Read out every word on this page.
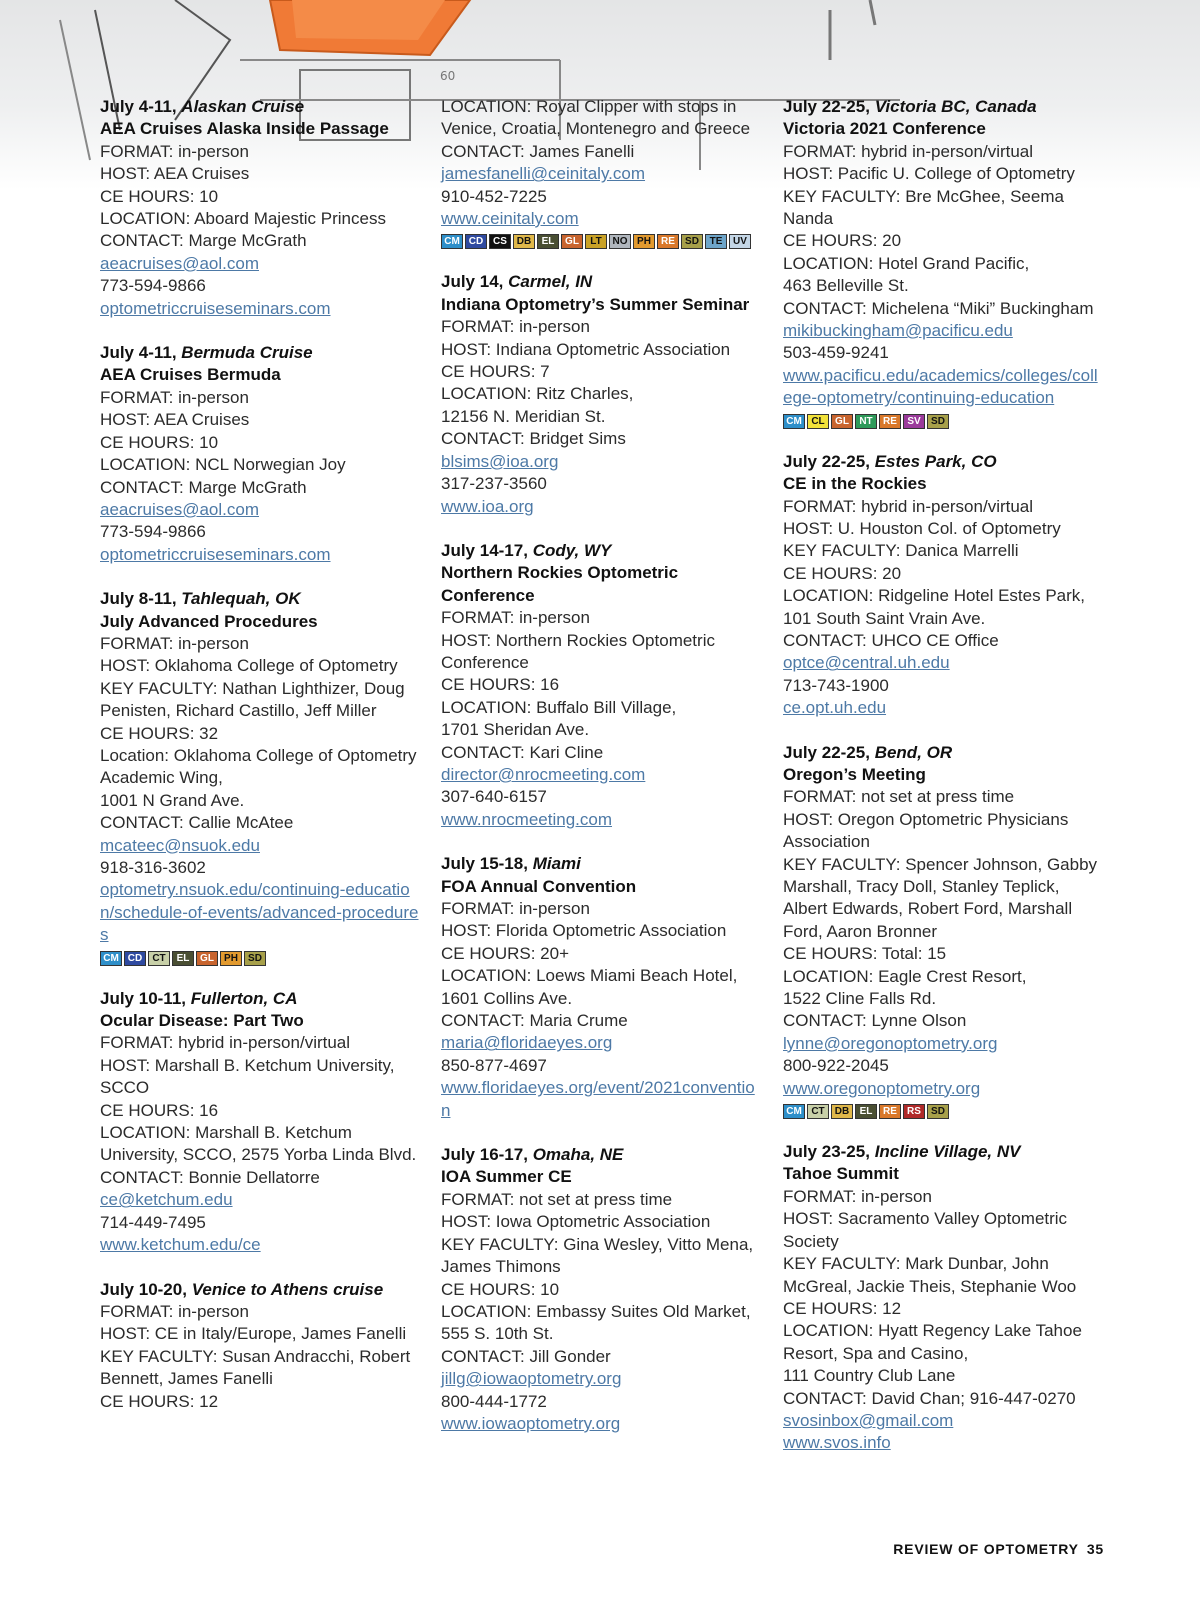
60
July 4-11, Alaskan Cruise
AEA Cruises Alaska Inside Passage
FORMAT: in-person
HOST: AEA Cruises
CE HOURS: 10
LOCATION: Aboard Majestic Princess
CONTACT: Marge McGrath
aeacruises@aol.com
773-594-9866
optometriccruiseseminars.com
July 4-11, Bermuda Cruise
AEA Cruises Bermuda
FORMAT: in-person
HOST: AEA Cruises
CE HOURS: 10
LOCATION: NCL Norwegian Joy
CONTACT: Marge McGrath
aeacruises@aol.com
773-594-9866
optometriccruiseseminars.com
July 8-11, Tahlequah, OK
July Advanced Procedures
FORMAT: in-person
HOST: Oklahoma College of Optometry
KEY FACULTY: Nathan Lighthizer, Doug Penisten, Richard Castillo, Jeff Miller
CE HOURS: 32
Location: Oklahoma College of Optometry Academic Wing,
1001 N Grand Ave.
CONTACT: Callie McAtee
mcateec@nsuok.edu
918-316-3602
optometry.nsuok.edu/continuing-education/schedule-of-events/advanced-procedures
CM CD	CT	EL	GL	PH	SD
July 10-11, Fullerton, CA
Ocular Disease: Part Two
FORMAT: hybrid in-person/virtual
HOST: Marshall B. Ketchum University, SCCO
CE HOURS: 16
LOCATION: Marshall B. Ketchum University, SCCO, 2575 Yorba Linda Blvd.
CONTACT: Bonnie Dellatorre
ce@ketchum.edu
714-449-7495
www.ketchum.edu/ce
July 10-20, Venice to Athens cruise
FORMAT: in-person
HOST: CE in Italy/Europe, James Fanelli
KEY FACULTY: Susan Andracchi, Robert Bennett, James Fanelli
CE HOURS: 12
LOCATION: Royal Clipper with stops in Venice, Croatia, Montenegro and Greece
CONTACT: James Fanelli
jamesfanelli@ceinitaly.com
910-452-7225
www.ceinitaly.com
CM CD CS DB	EL	GL	LT	NO PH	RE	SD	TE	UV
July 14, Carmel, IN
Indiana Optometry’s Summer Seminar
FORMAT: in-person
HOST: Indiana Optometric Association
CE HOURS: 7
LOCATION: Ritz Charles,
12156 N. Meridian St.
CONTACT: Bridget Sims
blsims@ioa.org
317-237-3560
www.ioa.org
July 14-17, Cody, WY
Northern Rockies Optometric Conference
FORMAT: in-person
HOST: Northern Rockies Optometric Conference
CE HOURS: 16
LOCATION: Buffalo Bill Village,
1701 Sheridan Ave.
CONTACT: Kari Cline
director@nrocmeeting.com
307-640-6157
www.nrocmeeting.com
July 15-18, Miami
FOA Annual Convention
FORMAT: in-person
HOST: Florida Optometric Association
CE HOURS: 20+
LOCATION: Loews Miami Beach Hotel,
1601 Collins Ave.
CONTACT: Maria Crume
maria@floridaeyes.org
850-877-4697
www.floridaeyes.org/event/2021convention
July 16-17, Omaha, NE
IOA Summer CE
FORMAT: not set at press time
HOST: Iowa Optometric Association
KEY FACULTY: Gina Wesley, Vitto Mena, James Thimons
CE HOURS: 10
LOCATION: Embassy Suites Old Market, 555 S. 10th St.
CONTACT: Jill Gonder
jillg@iowaoptometry.org
800-444-1772
www.iowaoptometry.org
July 22-25, Victoria BC, Canada
Victoria 2021 Conference
FORMAT: hybrid in-person/virtual
HOST: Pacific U. College of Optometry
KEY FACULTY: Bre McGhee, Seema Nanda
CE HOURS: 20
LOCATION: Hotel Grand Pacific,
463 Belleville St.
CONTACT: Michelena “Miki” Buckingham
mikibuckingham@pacificu.edu
503-459-9241
www.pacificu.edu/academics/colleges/college-optometry/continuing-education
CM CL	GL	NT	RE	SV	SD
July 22-25, Estes Park, CO
CE in the Rockies
FORMAT: hybrid in-person/virtual
HOST: U. Houston Col. of Optometry
KEY FACULTY: Danica Marrelli
CE HOURS: 20
LOCATION: Ridgeline Hotel Estes Park, 101 South Saint Vrain Ave.
CONTACT: UHCO CE Office
optce@central.uh.edu
713-743-1900
ce.opt.uh.edu
July 22-25, Bend, OR
Oregon’s Meeting
FORMAT: not set at press time
HOST: Oregon Optometric Physicians Association
KEY FACULTY: Spencer Johnson, Gabby Marshall, Tracy Doll, Stanley Teplick, Albert Edwards, Robert Ford, Marshall Ford, Aaron Bronner
CE HOURS: Total: 15
LOCATION: Eagle Crest Resort,
1522 Cline Falls Rd.
CONTACT: Lynne Olson
lynne@oregonoptometry.org
800-922-2045
www.oregonoptometry.org
CM CT	DB	EL	RE	RS	SD
July 23-25, Incline Village, NV
Tahoe Summit
FORMAT: in-person
HOST: Sacramento Valley Optometric Society
KEY FACULTY: Mark Dunbar, John McGreal, Jackie Theis, Stephanie Woo
CE HOURS: 12
LOCATION: Hyatt Regency Lake Tahoe Resort, Spa and Casino,
111 Country Club Lane
CONTACT: David Chan; 916-447-0270
svosinbox@gmail.com
www.svos.info
REVIEW OF OPTOMETRY 35
